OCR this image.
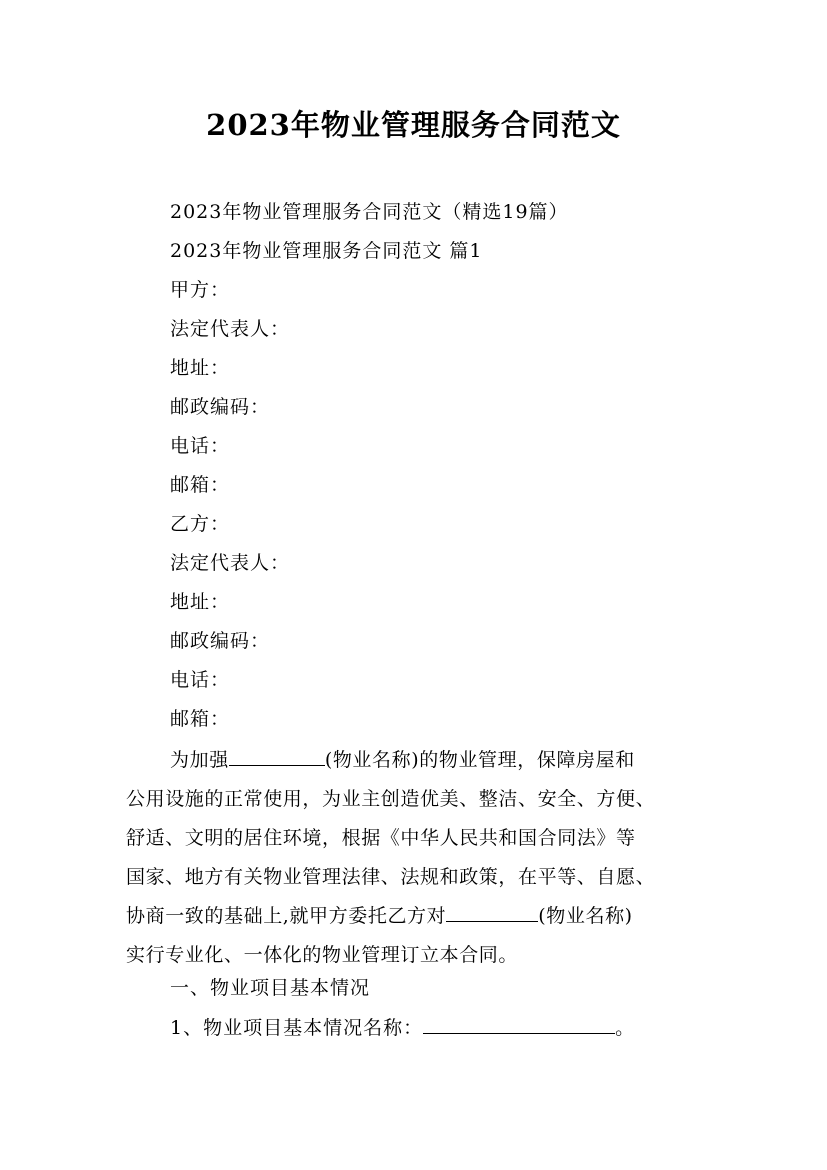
2023年物业管理服务合同范文
2023年物业管理服务合同范文（精选19篇）
2023年物业管理服务合同范文 篇1
甲方：
法定代表人：
地址：
邮政编码：
电话：
邮箱：
乙方：
法定代表人：
地址：
邮政编码：
电话：
邮箱：
为加强	(物业名称)的物业管理，保障房屋和
公用设施的正常使用，为业主创造优美、整洁、安全、方便、
舒适、文明的居住环境，根据《中华人民共和国合同法》等
国家、地方有关物业管理法律、法规和政策，在平等、自愿、
协商一致的基础上,就甲方委托乙方对	(物业名称)
实行专业化、一体化的物业管理订立本合同。
一、物业项目基本情况
1、物业项目基本情况名称：	。
